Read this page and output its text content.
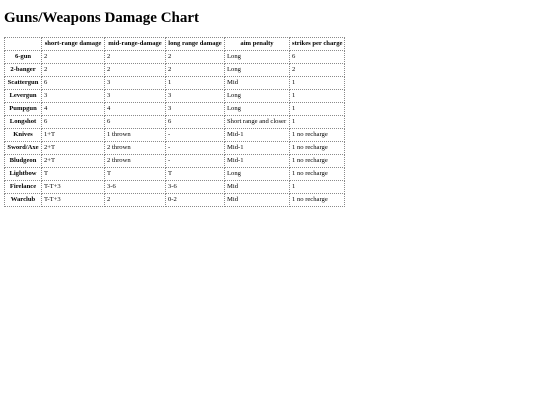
Guns/Weapons Damage Chart
	short-range damage	mid-range-damage	long range damage	aim penalty	strikes per charge
6-gun	2	2	2	Long	6
2-banger	2	2	2	Long	2
Scattergun	6	3	1	Mid	1
Levergun	3	3	3	Long	1
Pumpgun	4	4	3	Long	1
Longshot	6	6	6	Short range and closer	1
Knives	1+T	1 thrown	-	Mid-1	1 no recharge
Sword/Axe	2+T	2 thrown	-	Mid-1	1 no recharge
Bludgeon	2+T	2 thrown	-	Mid-1	1 no recharge
Lightbow	T	T	T	Long	1 no recharge
Firelance	T-T+3	3-6	3-6	Mid	1
Warclub	T-T+3	2	0-2	Mid	1 no recharge
